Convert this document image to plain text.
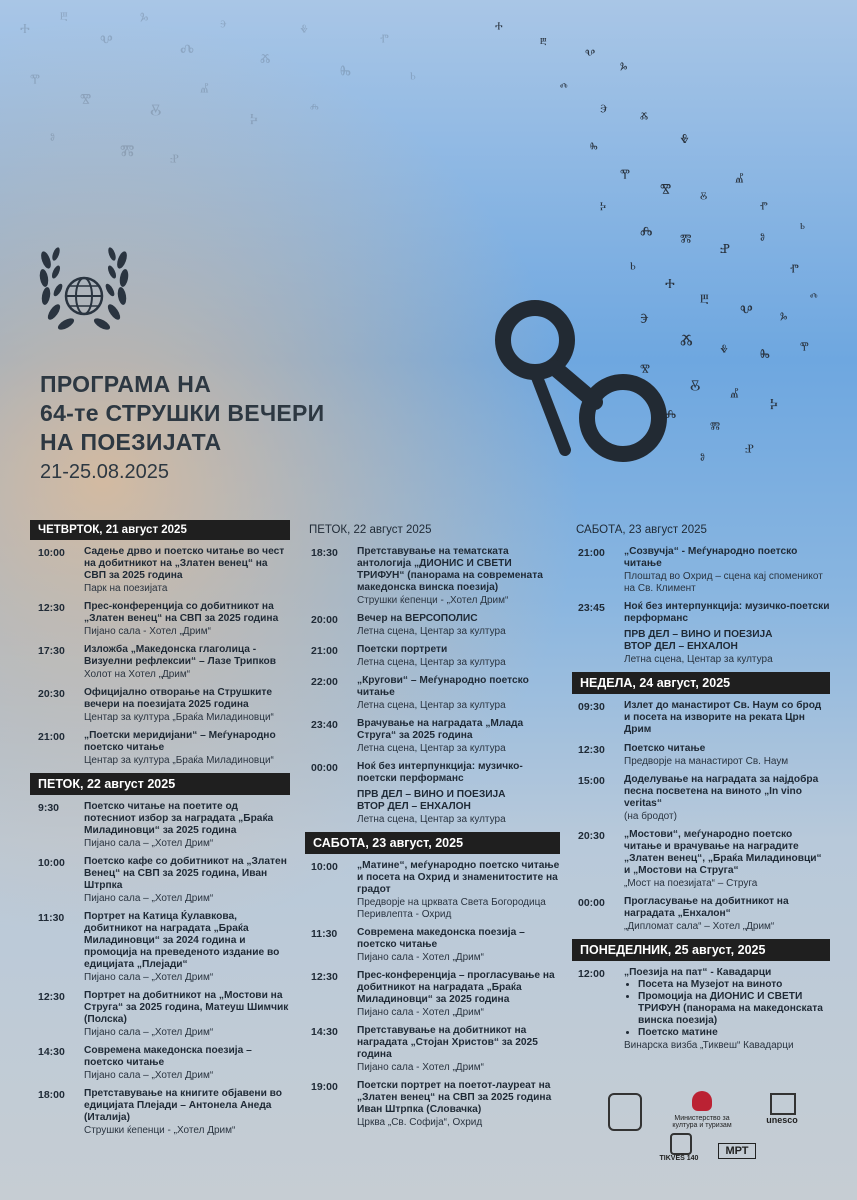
ⰰ
ⰱ
ⰲ
ⰳ
ⰴ
ⰵ
ⰶ
ⰷ
ⰸ
ⰹ
ⰺ	ⰻ
ⰼ
ⰽ
ⰾ
ⰿ ⱀ
ⱁ
ⱂ
ⱃ
ⰰ
ⰱ
ⰲ
ⰳ
ⰴ
ⰵ ⰶ
ⰷ
ⰸ
ⰹ
ⰺ ⰻ
ⰼ
ⰽ
ⰾ ⰿ
ⱀ
ⱁ
ⱂ
ⱃ
ⰰ
ⰱ
ⰲ ⰳ
ⰴ
ⰵ
ⰶ ⰷ ⰸ ⰹ
ⰺ
ⰻ ⰼ
ⰽ
ⰾ
ⰿ
ⱀ
ⱁ
ⱂ
ⱃ
ПРОГРАМА НА
64-те СТРУШКИ ВЕЧЕРИ
НА ПОЕЗИЈАТА
21-25.08.2025
ЧЕТВРТОК, 21 август 2025
10:00	Садење дрво и поетско читање во чест на добитникот на „Златен венец“ на СВП за 2025 година
Парк на поезијата
12:30	Прес-конференција со добитникот на „Златен венец“ на СВП за 2025 година
Пијано сала - Хотел „Дрим“
17:30	Изложба „Македонска глаголица - Визуелни рефлексии“ – Лазе Трипков
Холот на Хотел „Дрим“
20:30	Официјално отворање на Струшките вечери на поезијата 2025 година
Центар за култура „Браќа Миладиновци“
21:00	„Поетски меридијани“ – Меѓународно поетско читање
Центар за култура „Браќа Миладиновци“
ПЕТОК, 22 август 2025
9:30	Поетско читање на поетите од потесниот избор за наградата „Браќа Миладиновци“ за 2025 година
Пијано сала – „Хотел Дрим“
10:00	Поетско кафе со добитникот на „Златен Венец“ на СВП за 2025 година, Иван Штрпка
Пијано сала – „Хотел Дрим“
11:30	Портрет на Катица Ќулавкова, добитникот на наградата „Браќа Миладиновци“ за 2024 година и промоција на преведеното издание во едицијата „Плејади“
Пијано сала – „Хотел Дрим“
12:30	Портрет на добитникот на „Мостови на Струга“ за 2025 година, Матеуш Шимчик (Полска)
Пијано сала – „Хотел Дрим“
14:30	Современа македонска поезија – поетско читање
Пијано сала – „Хотел Дрим“
18:00	Претставување на книгите објавени во едицијата Плејади – Антонела Анеда (Италија)
Струшки ќепенци - „Хотел Дрим“
ПЕТОК, 22 август 2025
18:30	Претставување на тематската антологија „ДИОНИС И СВЕТИ ТРИФУН“ (панорама на современата македонска винска поезија)
Струшки ќепенци - „Хотел Дрим“
20:00	Вечер на ВЕРСОПОЛИС
Летна сцена, Центар за култура
21:00	Поетски портрети
Летна сцена, Центар за култура
22:00	„Кругови“ – Меѓународно поетско читање
Летна сцена, Центар за култура
23:40	Врачување на наградата „Млада Струга“ за 2025 година
Летна сцена, Центар за култура
00:00	Ноќ без интерпункција: музичко-поетски перформанс
ПРВ ДЕЛ – ВИНО И ПОЕЗИЈА
ВТОР ДЕЛ – ЕНХАЛОН
Летна сцена, Центар за култура
САБОТА, 23 август, 2025
10:00	„Матине“, меѓународно поетско читање и посета на Охрид и знаменитостите на градот
Предворје на црквата Света Богородица Перивлепта - Охрид
11:30	Современа македонска поезија – поетско читање
Пијано сала - Хотел „Дрим“
12:30	Прес-конференција – прогласување на добитникот на наградата „Браќа Миладиновци“ за 2025 година
Пијано сала - Хотел „Дрим“
14:30	Претставување на добитникот на наградата „Стојан Христов“ за 2025 година
Пијано сала - Хотел „Дрим“
19:00	Поетски портрет на поетот-лауреат на „Златен венец“ на СВП за 2025 година Иван Штрпка (Словачка)
Црква „Св. Софија“, Охрид
САБОТА, 23 август 2025
21:00	„Созвучја“ - Меѓународно поетско читање
Плоштад во Охрид – сцена кај споменикот на Св. Климент
23:45	Ноќ без интерпункција: музичко-поетски перформанс
ПРВ ДЕЛ – ВИНО И ПОЕЗИЈА
ВТОР ДЕЛ – ЕНХАЛОН
Летна сцена, Центар за култура
НЕДЕЛА, 24 август, 2025
09:30	Излет до манастирот Св. Наум со брод и посета на изворите на реката Црн Дрим
12:30	Поетско читање
Предворје на манастирот Св. Наум
15:00	Доделување на наградата за најдобра песна посветена на виното „In vino veritas“
(на бродот)
20:30	„Мостови“, меѓународно поетско читање и врачување на наградите „Златен венец“, „Браќа Миладиновци“ и „Мостови на Струга“
„Мост на поезијата“ – Струга
00:00	Прогласување на добитникот на наградата „Енхалон“
„Дипломат сала“ – Хотел „Дрим“
ПОНЕДЕЛНИК, 25 август, 2025
12:00	„Поезија на пат“ - Кавадарци
• Посета на Музејот на виното
• Промоција на ДИОНИС И СВЕТИ ТРИФУН (панорама на македонската винска поезија)
• Поетско матине
Винарска визба „Тиквеш“ Кавадарци
Министерство за култура и туризам
unesco
TIKVEŠ 140
МРТ
